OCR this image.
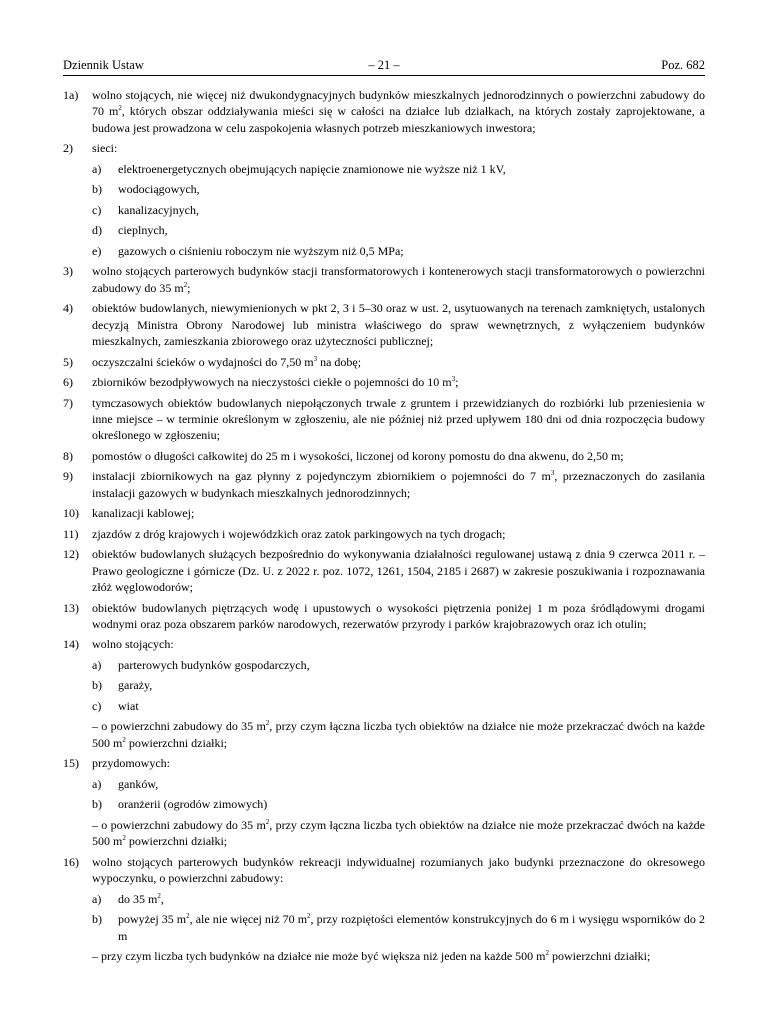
Dziennik Ustaw	– 21 –	Poz. 682
1a) wolno stojących, nie więcej niż dwukondygnacyjnych budynków mieszkalnych jednorodzinnych o powierzchni zabudowy do 70 $m^2$, których obszar oddziaływania mieści się w całości na działce lub działkach, na których zostały zaprojektowane, a budowa jest prowadzona w celu zaspokojenia własnych potrzeb mieszkaniowych inwestora;
2) sieci:
a) elektroenergetycznych obejmujących napięcie znamionowe nie wyższe niż 1 kV,
b) wodociągowych,
c) kanalizacyjnych,
d) cieplnych,
e) gazowych o ciśnieniu roboczym nie wyższym niż 0,5 MPa;
3) wolno stojących parterowych budynków stacji transformatorowych i kontenerowych stacji transformatorowych o powierzchni zabudowy do 35 $m^2$;
4) obiektów budowlanych, niewymienionych w pkt 2, 3 i 5–30 oraz w ust. 2, usytuowanych na terenach zamkniętych, ustalonych decyzją Ministra Obrony Narodowej lub ministra właściwego do spraw wewnętrznych, z wyłączeniem budynków mieszkalnych, zamieszkania zbiorowego oraz użyteczności publicznej;
5) oczyszczalni ścieków o wydajności do 7,50 $m^3$ na dobę;
6) zbiorników bezodpływowych na nieczystości ciekłe o pojemności do 10 $m^3$;
7) tymczasowych obiektów budowlanych niepołączonych trwale z gruntem i przewidzianych do rozbiórki lub przeniesienia w inne miejsce – w terminie określonym w zgłoszeniu, ale nie później niż przed upływem 180 dni od dnia rozpoczęcia budowy określonego w zgłoszeniu;
8) pomostów o długości całkowitej do 25 m i wysokości, liczonej od korony pomostu do dna akwenu, do 2,50 m;
9) instalacji zbiornikowych na gaz płynny z pojedynczym zbiornikiem o pojemności do 7 $m^3$, przeznaczonych do zasilania instalacji gazowych w budynkach mieszkalnych jednorodzinnych;
10) kanalizacji kablowej;
11) zjazdów z dróg krajowych i wojewódzkich oraz zatok parkingowych na tych drogach;
12) obiektów budowlanych służących bezpośrednio do wykonywania działalności regulowanej ustawą z dnia 9 czerwca 2011 r. – Prawo geologiczne i górnicze (Dz. U. z 2022 r. poz. 1072, 1261, 1504, 2185 i 2687) w zakresie poszukiwania i rozpoznawania złóż węglowodorów;
13) obiektów budowlanych piętrzących wodę i upustowych o wysokości piętrzenia poniżej 1 m poza śródlądowymi drogami wodnymi oraz poza obszarem parków narodowych, rezerwatów przyrody i parków krajobrazowych oraz ich otulin;
14) wolno stojących:
a) parterowych budynków gospodarczych,
b) garaży,
c) wiat
– o powierzchni zabudowy do 35 $m^2$, przy czym łączna liczba tych obiektów na działce nie może przekraczać dwóch na każde 500 $m^2$ powierzchni działki;
15) przydomowych:
a) ganków,
b) oranżerii (ogrodów zimowych)
– o powierzchni zabudowy do 35 $m^2$, przy czym łączna liczba tych obiektów na działce nie może przekraczać dwóch na każde 500 $m^2$ powierzchni działki;
16) wolno stojących parterowych budynków rekreacji indywidualnej rozumianych jako budynki przeznaczone do okresowego wypoczynku, o powierzchni zabudowy:
a) do 35 $m^2$,
b) powyżej 35 $m^2$, ale nie więcej niż 70 $m^2$, przy rozpiętości elementów konstrukcyjnych do 6 m i wysięgu wsporników do 2 m
– przy czym liczba tych budynków na działce nie może być większa niż jeden na każde 500 $m^2$ powierzchni działki;
